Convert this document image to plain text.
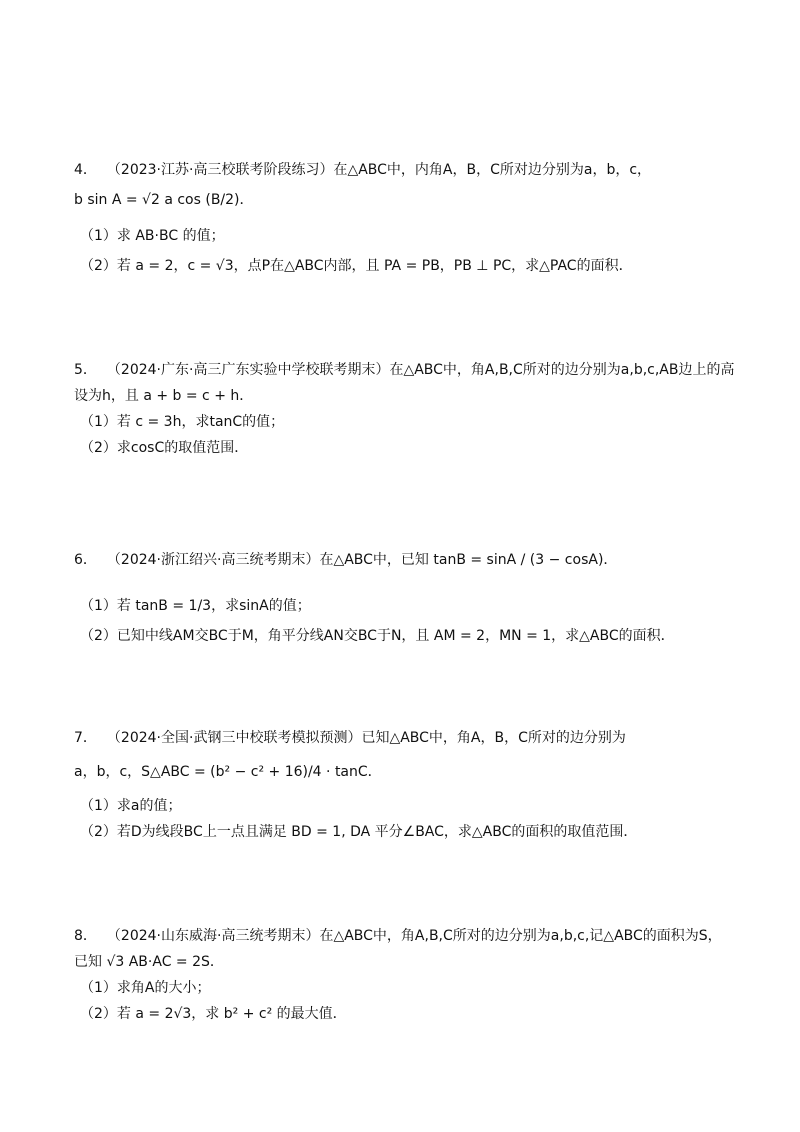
4． （2023·江苏·高三校联考阶段练习）在△ABC中，内角A，B，C所对边分别为a，b，c，
b sin A = √2 a cos (B/2)．
（1）求 AB·BC 的值；
（2）若 a = 2，c = √3，点P在△ABC内部，且 PA = PB，PB ⊥ PC，求△PAC的面积．
5． （2024·广东·高三广东实验中学校联考期末）在△ABC中，角A,B,C所对的边分别为a,b,c,AB边上的高
设为h，且 a + b = c + h．
（1）若 c = 3h，求tanC的值；
（2）求cosC的取值范围．
6． （2024·浙江绍兴·高三统考期末）在△ABC中，已知 tanB = sinA / (3 − cosA)．
（1）若 tanB = 1/3，求sinA的值；
（2）已知中线AM交BC于M，角平分线AN交BC于N，且 AM = 2，MN = 1，求△ABC的面积．
7． （2024·全国·武钢三中校联考模拟预测）已知△ABC中，角A，B，C所对的边分别为
a，b，c，S△ABC = (b² − c² + 16)/4 · tanC．
（1）求a的值；
（2）若D为线段BC上一点且满足 BD = 1, DA 平分∠BAC，求△ABC的面积的取值范围．
8． （2024·山东威海·高三统考期末）在△ABC中，角A,B,C所对的边分别为a,b,c,记△ABC的面积为S，
已知 √3 AB·AC = 2S．
（1）求角A的大小；
（2）若 a = 2√3，求 b² + c² 的最大值．
